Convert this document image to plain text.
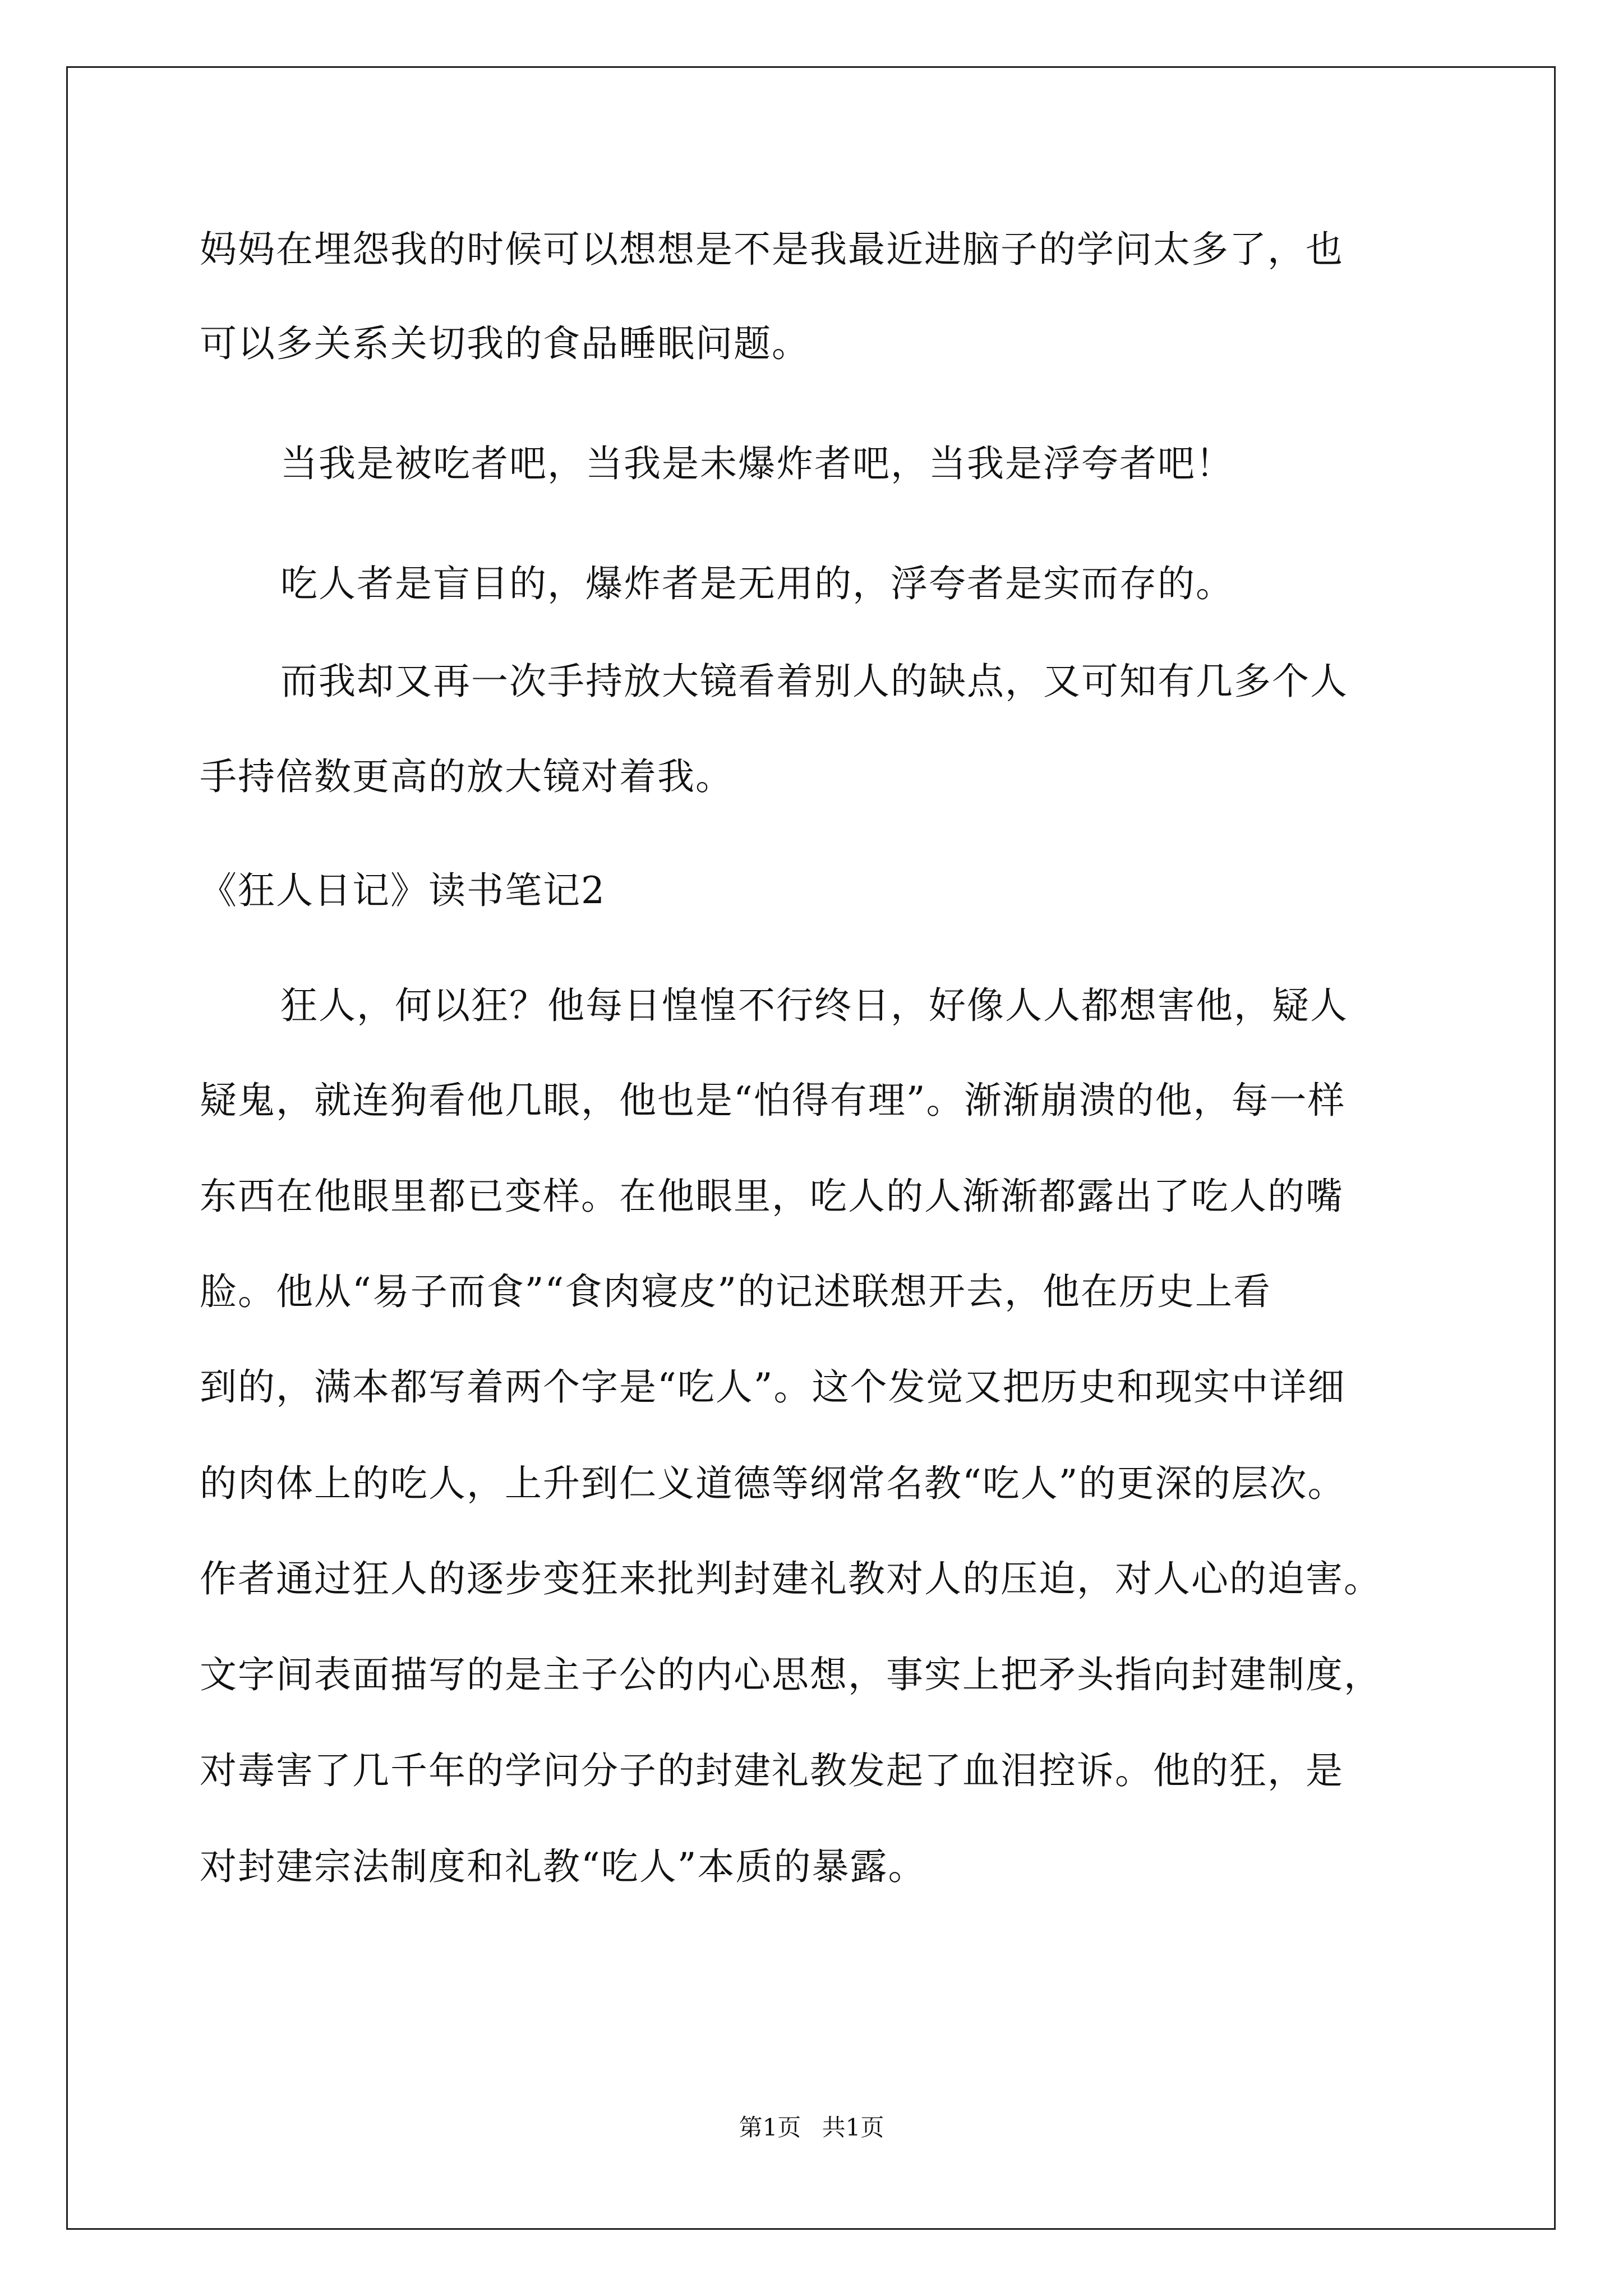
妈妈在埋怨我的时候可以想想是不是我最近进脑子的学问太多了，也
可以多关系关切我的食品睡眠问题。
当我是被吃者吧，当我是未爆炸者吧，当我是浮夸者吧！
吃人者是盲目的，爆炸者是无用的，浮夸者是实而存的。
而我却又再一次手持放大镜看着别人的缺点，又可知有几多个人
手持倍数更高的放大镜对着我。
《狂人日记》读书笔记2
狂人，何以狂？他每日惶惶不行终日，好像人人都想害他，疑人
疑鬼，就连狗看他几眼，他也是“怕得有理”。渐渐崩溃的他，每一样
东西在他眼里都已变样。在他眼里，吃人的人渐渐都露出了吃人的嘴
脸。他从“易子而食”“食肉寝皮”的记述联想开去，他在历史上看
到的，满本都写着两个字是“吃人”。这个发觉又把历史和现实中详细
的肉体上的吃人，上升到仁义道德等纲常名教“吃人”的更深的层次。
作者通过狂人的逐步变狂来批判封建礼教对人的压迫，对人心的迫害。
文字间表面描写的是主子公的内心思想，事实上把矛头指向封建制度，
对毒害了几千年的学问分子的封建礼教发起了血泪控诉。他的狂，是
对封建宗法制度和礼教“吃人”本质的暴露。
第1页 共1页
